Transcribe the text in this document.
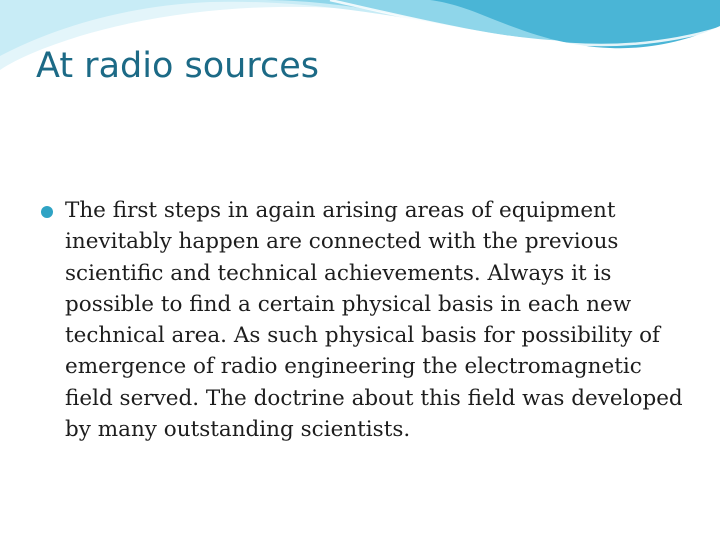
At radio sources
The first steps in again arising areas of equipment inevitably happen are connected with the previous scientific and technical achievements. Always it is possible to find a certain physical basis in each new technical area. As such physical basis for possibility of emergence of radio engineering the electromagnetic field served. The doctrine about this field was developed by many outstanding scientists.
